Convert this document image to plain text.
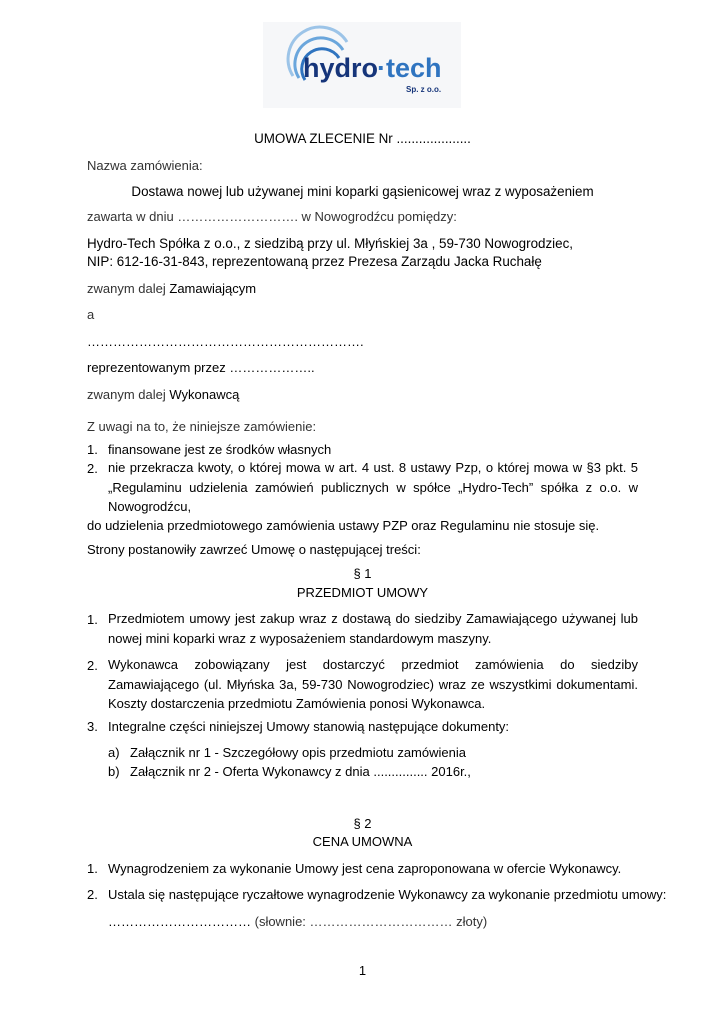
hydro
·tech
Sp. z o.o.
UMOWA ZLECENIE Nr ....................
Nazwa zamówienia:
Dostawa nowej lub używanej mini koparki gąsienicowej wraz z wyposażeniem
zawarta w dniu ………………………. w Nowogrodźcu pomiędzy:
Hydro-Tech Spółka z o.o., z siedzibą przy ul. Młyńskiej 3a , 59-730 Nowogrodziec,
NIP: 612-16-31-843, reprezentowaną przez Prezesa Zarządu Jacka Ruchałę
zwanym dalej Zamawiającym
a
……………………………………………………….
reprezentowanym przez ………………..
zwanym dalej Wykonawcą
Z uwagi na to, że niniejsze zamówienie:
1. finansowane jest ze środków własnych
2. nie przekracza kwoty, o której mowa w art. 4 ust. 8 ustawy Pzp, o której mowa w §3 pkt. 5 „Regulaminu udzielenia zamówień publicznych w spółce „Hydro-Tech” spółka z o.o. w Nowogrodźcu,
do udzielenia przedmiotowego zamówienia ustawy PZP oraz Regulaminu nie stosuje się.
Strony postanowiły zawrzeć Umowę o następującej treści:
§ 1
PRZEDMIOT UMOWY
1. Przedmiotem umowy jest zakup wraz z dostawą do siedziby Zamawiającego używanej lub nowej mini koparki wraz z wyposażeniem standardowym maszyny.
2. Wykonawca zobowiązany jest dostarczyć przedmiot zamówienia do siedziby Zamawiającego (ul. Młyńska 3a, 59-730 Nowogrodziec) wraz ze wszystkimi dokumentami. Koszty dostarczenia przedmiotu Zamówienia ponosi Wykonawca.
3. Integralne części niniejszej Umowy stanowią następujące dokumenty:
a) Załącznik nr 1 - Szczegółowy opis przedmiotu zamówienia
b) Załącznik nr 2 - Oferta Wykonawcy z dnia ............... 2016r.,
§ 2
CENA UMOWNA
1. Wynagrodzeniem za wykonanie Umowy jest cena zaproponowana w ofercie Wykonawcy.
2. Ustala się następujące ryczałtowe wynagrodzenie Wykonawcy za wykonanie przedmiotu umowy:
…………………………… (słownie: …………………………… złoty)
1
